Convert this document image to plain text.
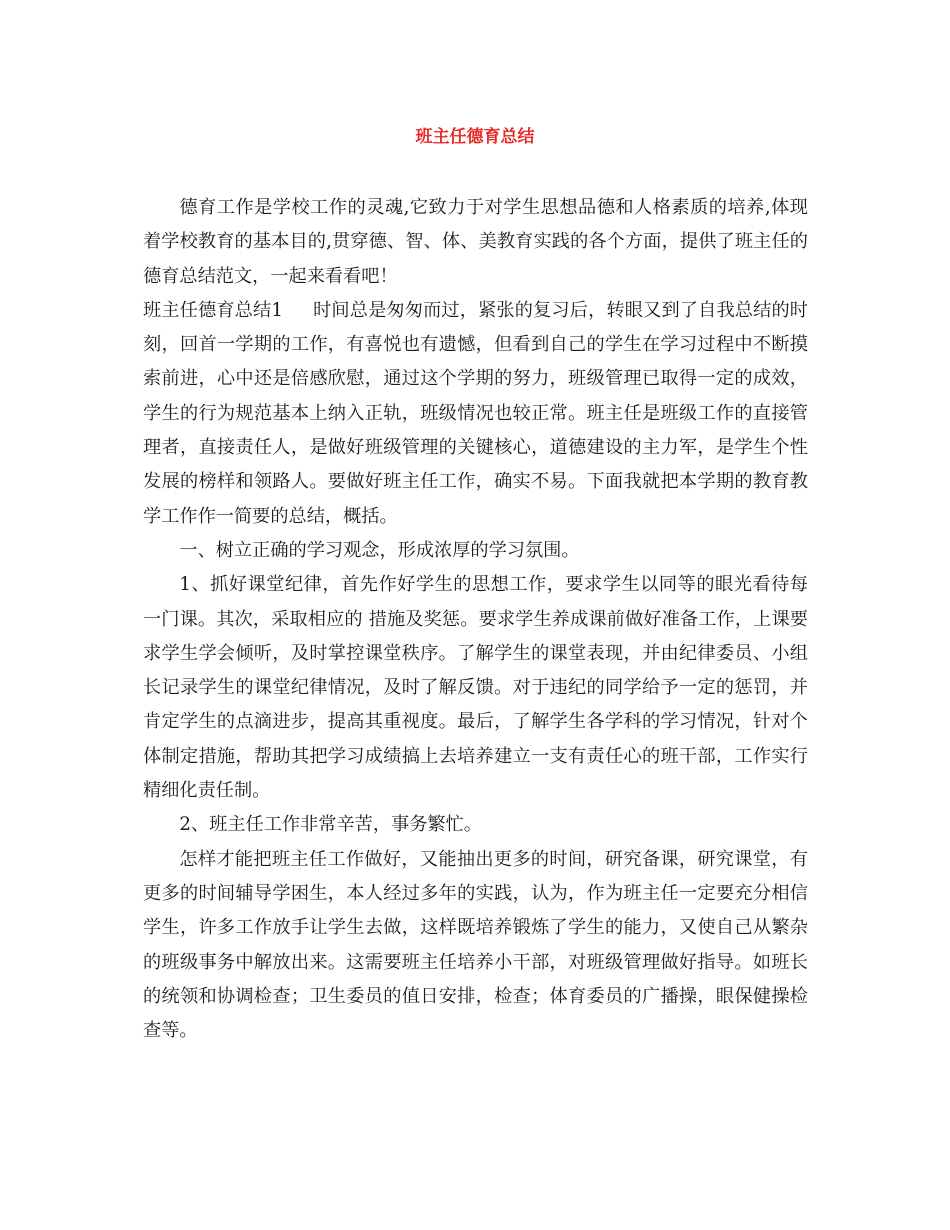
班主任德育总结

德育工作是学校工作的灵魂,它致力于对学生思想品德和人格素质的培养,体现着学校教育的基本目的,贯穿德、智、体、美教育实践的各个方面，提供了班主任的德育总结范文，一起来看看吧！

班主任德育总结1 时间总是匆匆而过，紧张的复习后，转眼又到了自我总结的时刻，回首一学期的工作，有喜悦也有遗憾，但看到自己的学生在学习过程中不断摸索前进，心中还是倍感欣慰，通过这个学期的努力，班级管理已取得一定的成效，学生的行为规范基本上纳入正轨，班级情况也较正常。班主任是班级工作的直接管理者，直接责任人，是做好班级管理的关键核心，道德建设的主力军，是学生个性发展的榜样和领路人。要做好班主任工作，确实不易。下面我就把本学期的教育教学工作作一简要的总结，概括。

一、树立正确的学习观念，形成浓厚的学习氛围。

1、抓好课堂纪律，首先作好学生的思想工作，要求学生以同等的眼光看待每一门课。其次，采取相应的 措施及奖惩。要求学生养成课前做好准备工作，上课要求学生学会倾听，及时掌控课堂秩序。了解学生的课堂表现，并由纪律委员、小组长记录学生的课堂纪律情况，及时了解反馈。对于违纪的同学给予一定的惩罚，并肯定学生的点滴进步，提高其重视度。最后，了解学生各学科的学习情况，针对个体制定措施，帮助其把学习成绩搞上去培养建立一支有责任心的班干部，工作实行精细化责任制。

2、班主任工作非常辛苦，事务繁忙。

怎样才能把班主任工作做好，又能抽出更多的时间，研究备课，研究课堂，有更多的时间辅导学困生，本人经过多年的实践，认为，作为班主任一定要充分相信学生，许多工作放手让学生去做，这样既培养锻炼了学生的能力，又使自己从繁杂的班级事务中解放出来。这需要班主任培养小干部，对班级管理做好指导。如班长的统领和协调检查；卫生委员的值日安排，检查；体育委员的广播操，眼保健操检查等。
